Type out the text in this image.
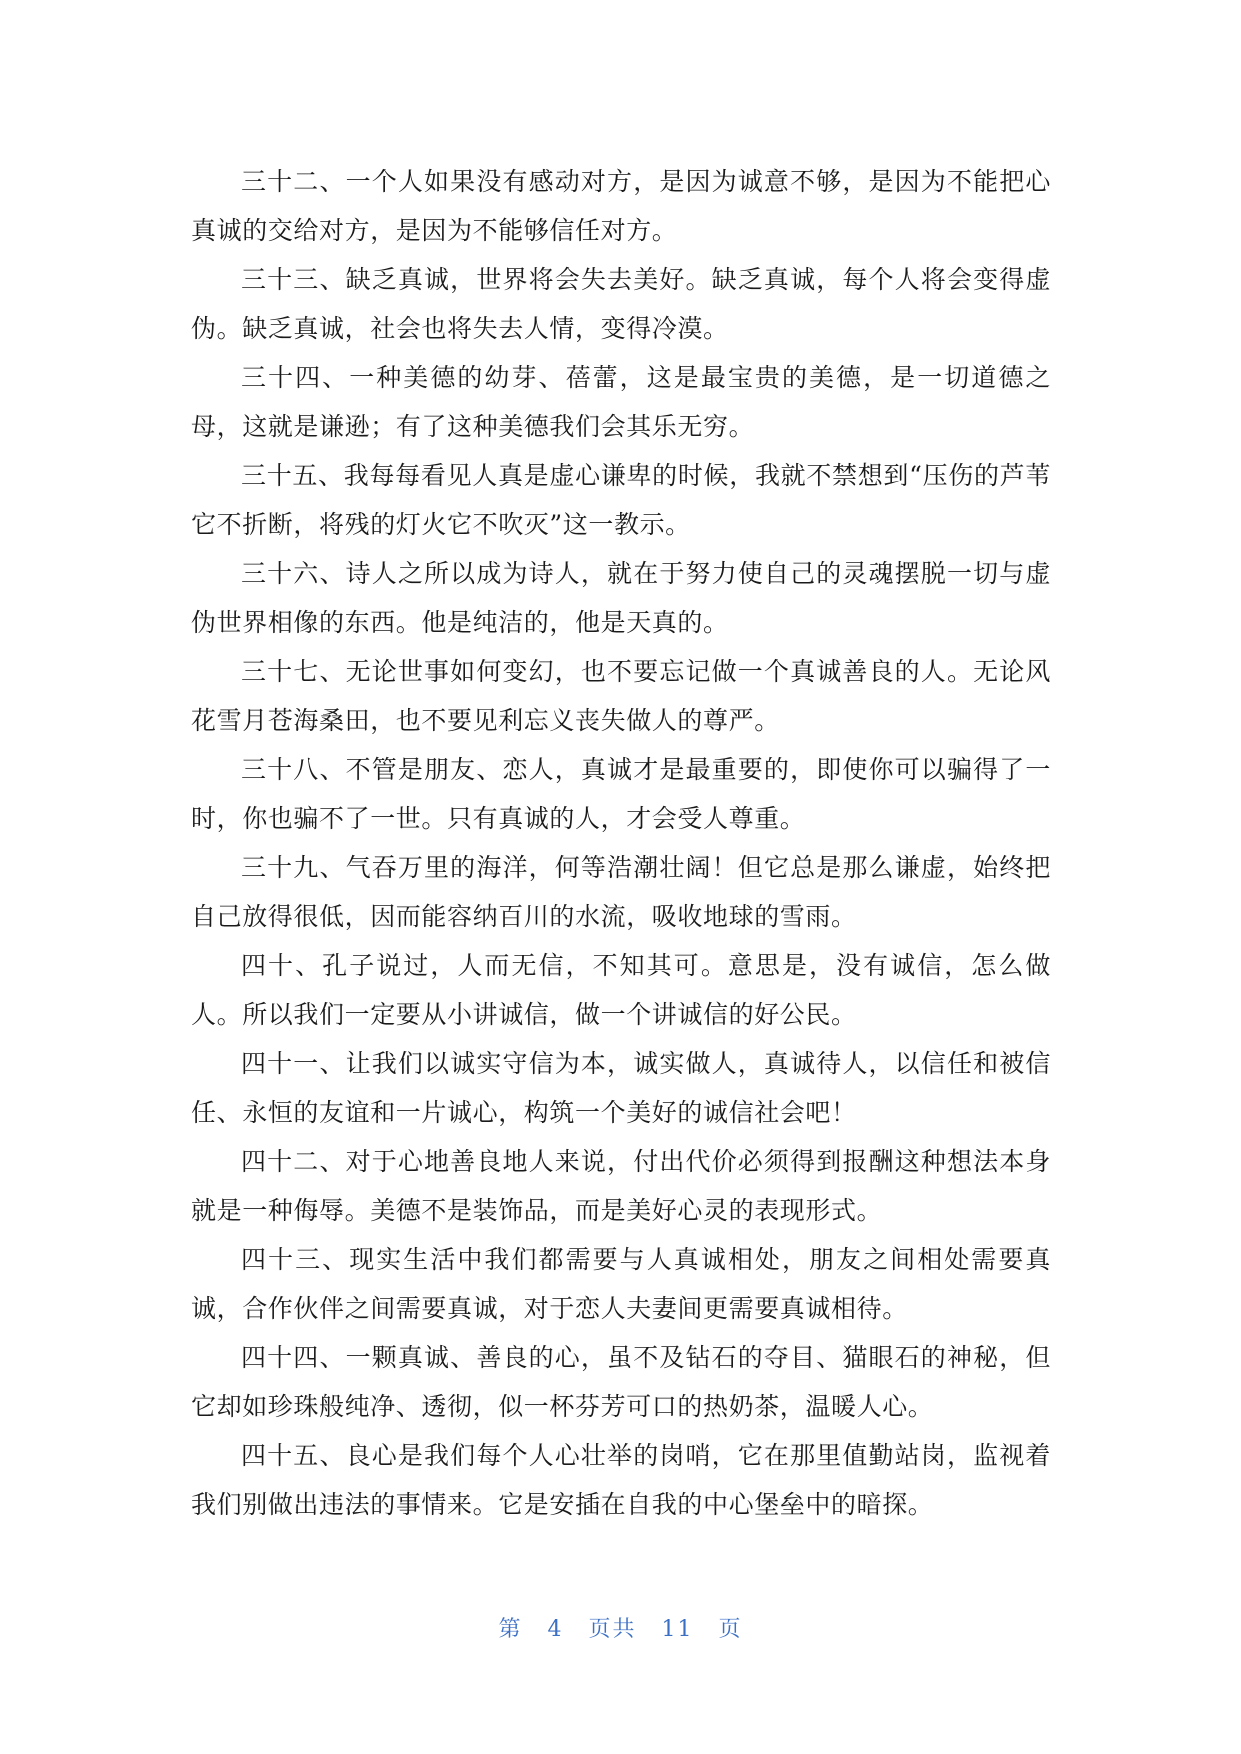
三十二、一个人如果没有感动对方，是因为诚意不够，是因为不能把心真诚的交给对方，是因为不能够信任对方。

三十三、缺乏真诚，世界将会失去美好。缺乏真诚，每个人将会变得虚伪。缺乏真诚，社会也将失去人情，变得冷漠。

三十四、一种美德的幼芽、蓓蕾，这是最宝贵的美德，是一切道德之母，这就是谦逊；有了这种美德我们会其乐无穷。

三十五、我每每看见人真是虚心谦卑的时候，我就不禁想到“压伤的芦苇它不折断，将残的灯火它不吹灭”这一教示。

三十六、诗人之所以成为诗人，就在于努力使自己的灵魂摆脱一切与虚伪世界相像的东西。他是纯洁的，他是天真的。

三十七、无论世事如何变幻，也不要忘记做一个真诚善良的人。无论风花雪月苍海桑田，也不要见利忘义丧失做人的尊严。

三十八、不管是朋友、恋人，真诚才是最重要的，即使你可以骗得了一时，你也骗不了一世。只有真诚的人，才会受人尊重。

三十九、气吞万里的海洋，何等浩潮壮阔！但它总是那么谦虚，始终把自己放得很低，因而能容纳百川的水流，吸收地球的雪雨。

四十、孔子说过，人而无信，不知其可。意思是，没有诚信，怎么做人。所以我们一定要从小讲诚信，做一个讲诚信的好公民。

四十一、让我们以诚实守信为本，诚实做人，真诚待人，以信任和被信任、永恒的友谊和一片诚心，构筑一个美好的诚信社会吧！

四十二、对于心地善良地人来说，付出代价必须得到报酬这种想法本身就是一种侮辱。美德不是装饰品，而是美好心灵的表现形式。

四十三、现实生活中我们都需要与人真诚相处，朋友之间相处需要真诚，合作伙伴之间需要真诚，对于恋人夫妻间更需要真诚相待。

四十四、一颗真诚、善良的心，虽不及钻石的夺目、猫眼石的神秘，但它却如珍珠般纯净、透彻，似一杯芬芳可口的热奶茶，温暖人心。

四十五、良心是我们每个人心壮举的岗哨，它在那里值勤站岗，监视着我们别做出违法的事情来。它是安插在自我的中心堡垒中的暗探。

第 4 页共 11 页
